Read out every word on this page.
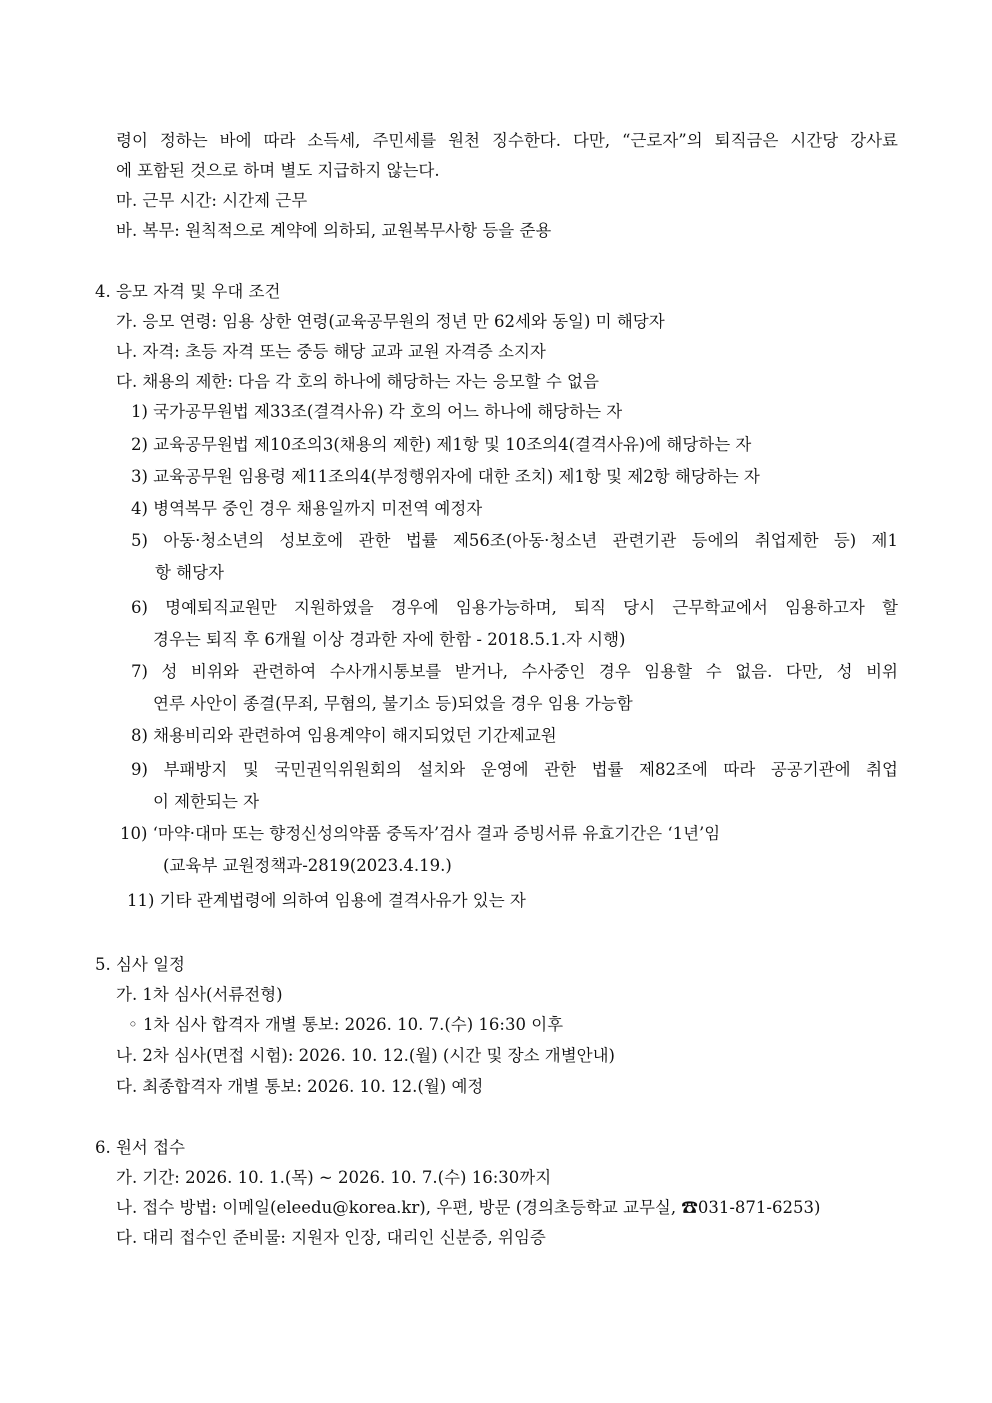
령이 정하는 바에 따라 소득세, 주민세를 원천 징수한다. 다만, “근로자”의 퇴직금은 시간당 강사료
에 포함된 것으로 하며 별도 지급하지 않는다.
마. 근무 시간: 시간제 근무
바. 복무: 원칙적으로 계약에 의하되, 교원복무사항 등을 준용
4. 응모 자격 및 우대 조건
가. 응모 연령: 임용 상한 연령(교육공무원의 정년 만 62세와 동일) 미 해당자
나. 자격: 초등 자격 또는 중등 해당 교과 교원 자격증 소지자
다. 채용의 제한: 다음 각 호의 하나에 해당하는 자는 응모할 수 없음
1) 국가공무원법 제33조(결격사유) 각 호의 어느 하나에 해당하는 자
2) 교육공무원법 제10조의3(채용의 제한) 제1항 및 10조의4(결격사유)에 해당하는 자
3) 교육공무원 임용령 제11조의4(부정행위자에 대한 조치) 제1항 및 제2항 해당하는 자
4) 병역복무 중인 경우 채용일까지 미전역 예정자
5) 아동·청소년의 성보호에 관한 법률 제56조(아동·청소년 관련기관 등에의 취업제한 등) 제1
항 해당자
6) 명예퇴직교원만 지원하였을 경우에 임용가능하며, 퇴직 당시 근무학교에서 임용하고자 할
경우는 퇴직 후 6개월 이상 경과한 자에 한함 - 2018.5.1.자 시행)
7) 성 비위와 관련하여 수사개시통보를 받거나, 수사중인 경우 임용할 수 없음. 다만, 성 비위
연루 사안이 종결(무죄, 무혐의, 불기소 등)되었을 경우 임용 가능함
8) 채용비리와 관련하여 임용계약이 해지되었던 기간제교원
9) 부패방지 및 국민권익위원회의 설치와 운영에 관한 법률 제82조에 따라 공공기관에 취업
이 제한되는 자
10) ‘마약·대마 또는 향정신성의약품 중독자’검사 결과 증빙서류 유효기간은 ‘1년’임
(교육부 교원정책과-2819(2023.4.19.)
11) 기타 관계법령에 의하여 임용에 결격사유가 있는 자
5. 심사 일정
가. 1차 심사(서류전형)
◦ 1차 심사 합격자 개별 통보: 2026. 10. 7.(수) 16:30 이후
나. 2차 심사(면접 시험): 2026. 10. 12.(월) (시간 및 장소 개별안내)
다. 최종합격자 개별 통보: 2026. 10. 12.(월) 예정
6. 원서 접수
가. 기간: 2026. 10. 1.(목) ~ 2026. 10. 7.(수) 16:30까지
나. 접수 방법: 이메일(eleedu@korea.kr), 우편, 방문 (경의초등학교 교무실, ☎031-871-6253)
다. 대리 접수인 준비물: 지원자 인장, 대리인 신분증, 위임증
